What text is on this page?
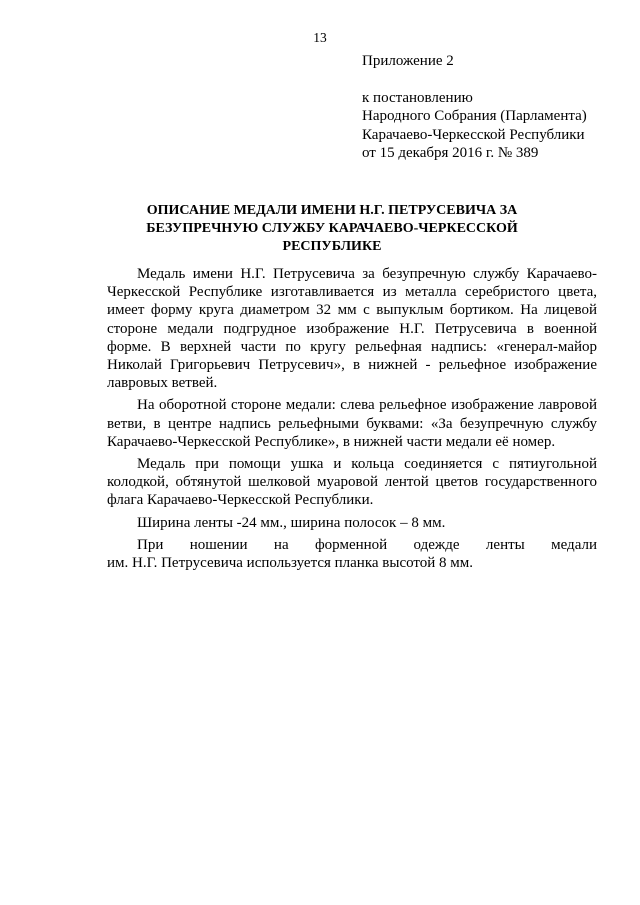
13
Приложение 2
к постановлению
Народного Собрания (Парламента)
Карачаево-Черкесской Республики
от 15 декабря 2016 г. № 389
ОПИСАНИЕ МЕДАЛИ ИМЕНИ Н.Г. ПЕТРУСЕВИЧА ЗА БЕЗУПРЕЧНУЮ СЛУЖБУ КАРАЧАЕВО-ЧЕРКЕССКОЙ РЕСПУБЛИКЕ

Медаль имени Н.Г. Петрусевича за безупречную службу Карачаево-Черкесской Республике изготавливается из металла серебристого цвета, имеет форму круга диаметром 32 мм с выпуклым бортиком. На лицевой стороне медали подгрудное изображение Н.Г. Петрусевича в военной форме. В верхней части по кругу рельефная надпись: «генерал-майор Николай Григорьевич Петрусевич», в нижней - рельефное изображение лавровых ветвей.

На оборотной стороне медали: слева рельефное изображение лавровой ветви, в центре надпись рельефными буквами: «За безупречную службу Карачаево-Черкесской Республике», в нижней части медали её номер.

Медаль при помощи ушка и кольца соединяется с пятиугольной колодкой, обтянутой шелковой муаровой лентой цветов государственного флага Карачаево-Черкесской Республики.

Ширина ленты -24 мм., ширина полосок – 8 мм.

При ношении на форменной одежде ленты медали

им. Н.Г. Петрусевича используется планка высотой 8 мм.
